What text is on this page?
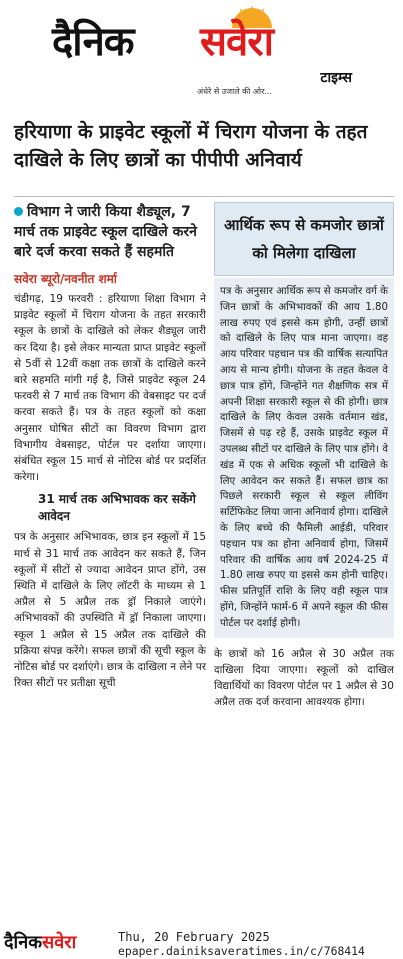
दैनिक सवेरा
टाइम्स
अंधेरे से उजाले की ओर...
हरियाणा के प्राइवेट स्कूलों में चिराग योजना के तहत दाखिले के लिए छात्रों का पीपीपी अनिवार्य
विभाग ने जारी किया शैड्यूल, 7 मार्च तक प्राइवेट स्कूल दाखिले करने बारे दर्ज करवा सकते हैं सहमति
सवेरा ब्यूरो/नवनीत शर्मा

चंडीगढ़, 19 फरवरी : हरियाणा शिक्षा विभाग ने प्राइवेट स्कूलों में चिराग योजना के तहत सरकारी स्कूल के छात्रों के दाखिले को लेकर शैड्यूल जारी कर दिया है। इसे लेकर मान्यता प्राप्त प्राइवेट स्कूलों से 5वीं से 12वीं कक्षा तक छात्रों के दाखिले करने बारे सहमति मांगी गई है, जिसे प्राइवेट स्कूल 24 फरवरी से 7 मार्च तक विभाग की वेबसाइट पर दर्ज करवा सकते हैं। पत्र के तहत स्कूलों को कक्षा अनुसार घोषित सीटों का विवरण विभाग द्वारा विभागीय वेबसाइट, पोर्टल पर दर्शाया जाएगा। संबंधित स्कूल 15 मार्च से नोटिस बोर्ड पर प्रदर्शित करेगा।

31 मार्च तक अभिभावक कर सकेंगे आवेदन

पत्र के अनुसार अभिभावक, छात्र इन स्कूलों में 15 मार्च से 31 मार्च तक आवेदन कर सकते हैं, जिन स्कूलों में सीटों से ज्यादा आवेदन प्राप्त होंगे, उस स्थिति में दाखिले के लिए लॉटरी के माध्यम से 1 अप्रैल से 5 अप्रैल तक ड्रॉ निकाले जाएंगे। अभिभावकों की उपस्थिति में ड्रॉ निकाला जाएगा। स्कूल 1 अप्रैल से 15 अप्रैल तक दाखिले की प्रक्रिया संपन्न करेंगे। सफल छात्रों की सूची स्कूल के नोटिस बोर्ड पर दर्शाएंगे। छात्र के दाखिला न लेने पर रिक्त सीटों पर प्रतीक्षा सूची

आर्थिक रूप से कमजोर छात्रों को मिलेगा दाखिला

पत्र के अनुसार आर्थिक रूप से कमजोर वर्ग के जिन छात्रों के अभिभावकों की आय 1.80 लाख रुपए एवं इससे कम होगी, उन्हीं छात्रों को दाखिले के लिए पात्र माना जाएगा। वह आय परिवार पहचान पत्र की वार्षिक सत्यापित आय से मान्य होगी। योजना के तहत केवल वे छात्र पात्र होंगे, जिन्होंने गत शैक्षणिक सत्र में अपनी शिक्षा सरकारी स्कूल से की होगी। छात्र दाखिले के लिए केवल उसके वर्तमान खंड, जिसमें से पढ़ रहे हैं, उसके प्राइवेट स्कूल में उपलब्ध सीटों पर दाखिले के लिए पात्र होंगे। वे खंड में एक से अधिक स्कूलों भी दाखिले के लिए आवेदन कर सकते हैं। सफल छात्र का पिछले सरकारी स्कूल से स्कूल लीविंग सर्टिफिकेट लिया जाना अनिवार्य होगा। दाखिले के लिए बच्चे की फैमिली आईडी, परिवार पहचान पत्र का होना अनिवार्य होगा, जिसमें परिवार की वार्षिक आय वर्ष 2024-25 में 1.80 लाख रुपए या इससे कम होनी चाहिए। फीस प्रतिपूर्ति राशि के लिए वही स्कूल पात्र होंगे, जिन्होंने फार्म-6 में अपने स्कूल की फीस पोर्टल पर दर्शाई होगी।

के छात्रों को 16 अप्रैल से 30 अप्रैल तक दाखिला दिया जाएगा। स्कूलों को दाखिल विद्यार्थियों का विवरण पोर्टल पर 1 अप्रैल से 30 अप्रैल तक दर्ज करवाना आवश्यक होगा।

दैनिकसवेरा	Thu, 20 February 2025
epaper.dainiksaveratimes.in/c/768414
